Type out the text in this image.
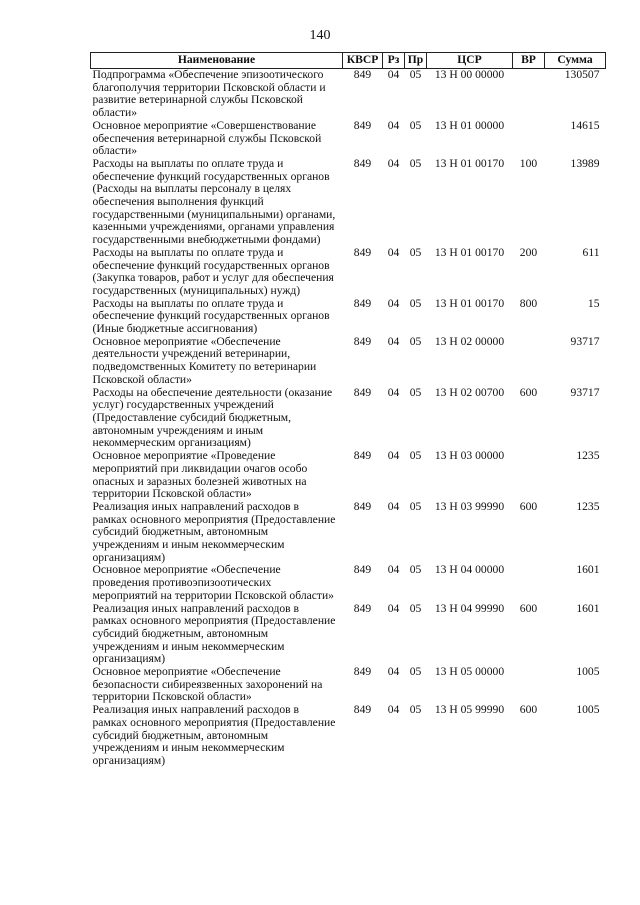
140
Наименование	КВСР	Рз	Пр	ЦСР	ВР	Сумма
Подпрограмма «Обеспечение эпизоотического благополучия территории Псковской области и развитие ветеринарной службы Псковской области»	849	04	05	13 Н 00 00000		130507
Основное мероприятие «Совершенствование обеспечения ветеринарной службы Псковской области»	849	04	05	13 Н 01 00000		14615
Расходы на выплаты по оплате труда и обеспечение функций государственных органов (Расходы на выплаты персоналу в целях обеспечения выполнения функций государственными (муниципальными) органами, казенными учреждениями, органами управления государственными внебюджетными фондами)	849	04	05	13 Н 01 00170	100	13989
Расходы на выплаты по оплате труда и обеспечение функций государственных органов (Закупка товаров, работ и услуг для обеспечения государственных (муниципальных) нужд)	849	04	05	13 Н 01 00170	200	611
Расходы на выплаты по оплате труда и обеспечение функций государственных органов (Иные бюджетные ассигнования)	849	04	05	13 Н 01 00170	800	15
Основное мероприятие «Обеспечение деятельности учреждений ветеринарии, подведомственных Комитету по ветеринарии Псковской области»	849	04	05	13 Н 02 00000		93717
Расходы на обеспечение деятельности (оказание услуг) государственных учреждений (Предоставление субсидий бюджетным, автономным учреждениям и иным некоммерческим организациям)	849	04	05	13 Н 02 00700	600	93717
Основное мероприятие «Проведение мероприятий при ликвидации очагов особо опасных и заразных болезней животных на территории Псковской области»	849	04	05	13 Н 03 00000		1235
Реализация иных направлений расходов в рамках основного мероприятия (Предоставление субсидий бюджетным, автономным учреждениям и иным некоммерческим организациям)	849	04	05	13 Н 03 99990	600	1235
Основное мероприятие «Обеспечение проведения противоэпизоотических мероприятий на территории Псковской области»	849	04	05	13 Н 04 00000		1601
Реализация иных направлений расходов в рамках основного мероприятия (Предоставление субсидий бюджетным, автономным учреждениям и иным некоммерческим организациям)	849	04	05	13 Н 04 99990	600	1601
Основное мероприятие «Обеспечение безопасности сибиреязвенных захоронений на территории Псковской области»	849	04	05	13 Н 05 00000		1005
Реализация иных направлений расходов в рамках основного мероприятия (Предоставление субсидий бюджетным, автономным учреждениям и иным некоммерческим организациям)	849	04	05	13 Н 05 99990	600	1005
